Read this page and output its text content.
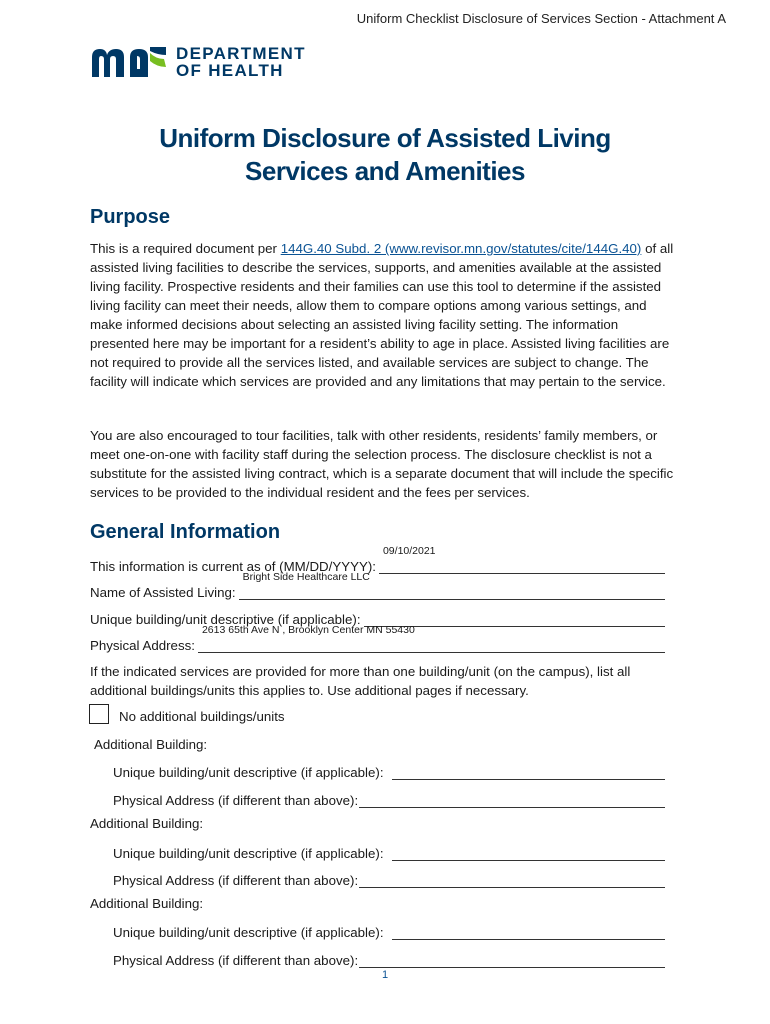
Uniform Checklist Disclosure of Services Section - Attachment A
DEPARTMENT
OF HEALTH
Uniform Disclosure of Assisted Living
Services and Amenities
Purpose
This is a required document per 144G.40 Subd. 2 (www.revisor.mn.gov/statutes/cite/144G.40) of all assisted living facilities to describe the services, supports, and amenities available at the assisted living facility. Prospective residents and their families can use this tool to determine if the assisted living facility can meet their needs, allow them to compare options among various settings, and make informed decisions about selecting an assisted living facility setting. The information presented here may be important for a resident’s ability to age in place. Assisted living facilities are not required to provide all the services listed, and available services are subject to change. The facility will indicate which services are provided and any limitations that may pertain to the service.
You are also encouraged to tour facilities, talk with other residents, residents’ family members, or meet one-on-one with facility staff during the selection process. The disclosure checklist is not a substitute for the assisted living contract, which is a separate document that will include the specific services to be provided to the individual resident and the fees per services.
General Information
This information is current as of (MM/DD/YYYY):
09/10/2021
Name of Assisted Living:
Bright Side Healthcare LLC
Unique building/unit descriptive (if applicable):
Physical Address:
2613 65th Ave N , Brooklyn Center MN 55430
If the indicated services are provided for more than one building/unit (on the campus), list all additional buildings/units this applies to. Use additional pages if necessary.
No additional buildings/units
Additional Building:
Unique building/unit descriptive (if applicable):
Physical Address (if different than above):
Additional Building:
Unique building/unit descriptive (if applicable):
Physical Address (if different than above):
Additional Building:
Unique building/unit descriptive (if applicable):
Physical Address (if different than above):
1
